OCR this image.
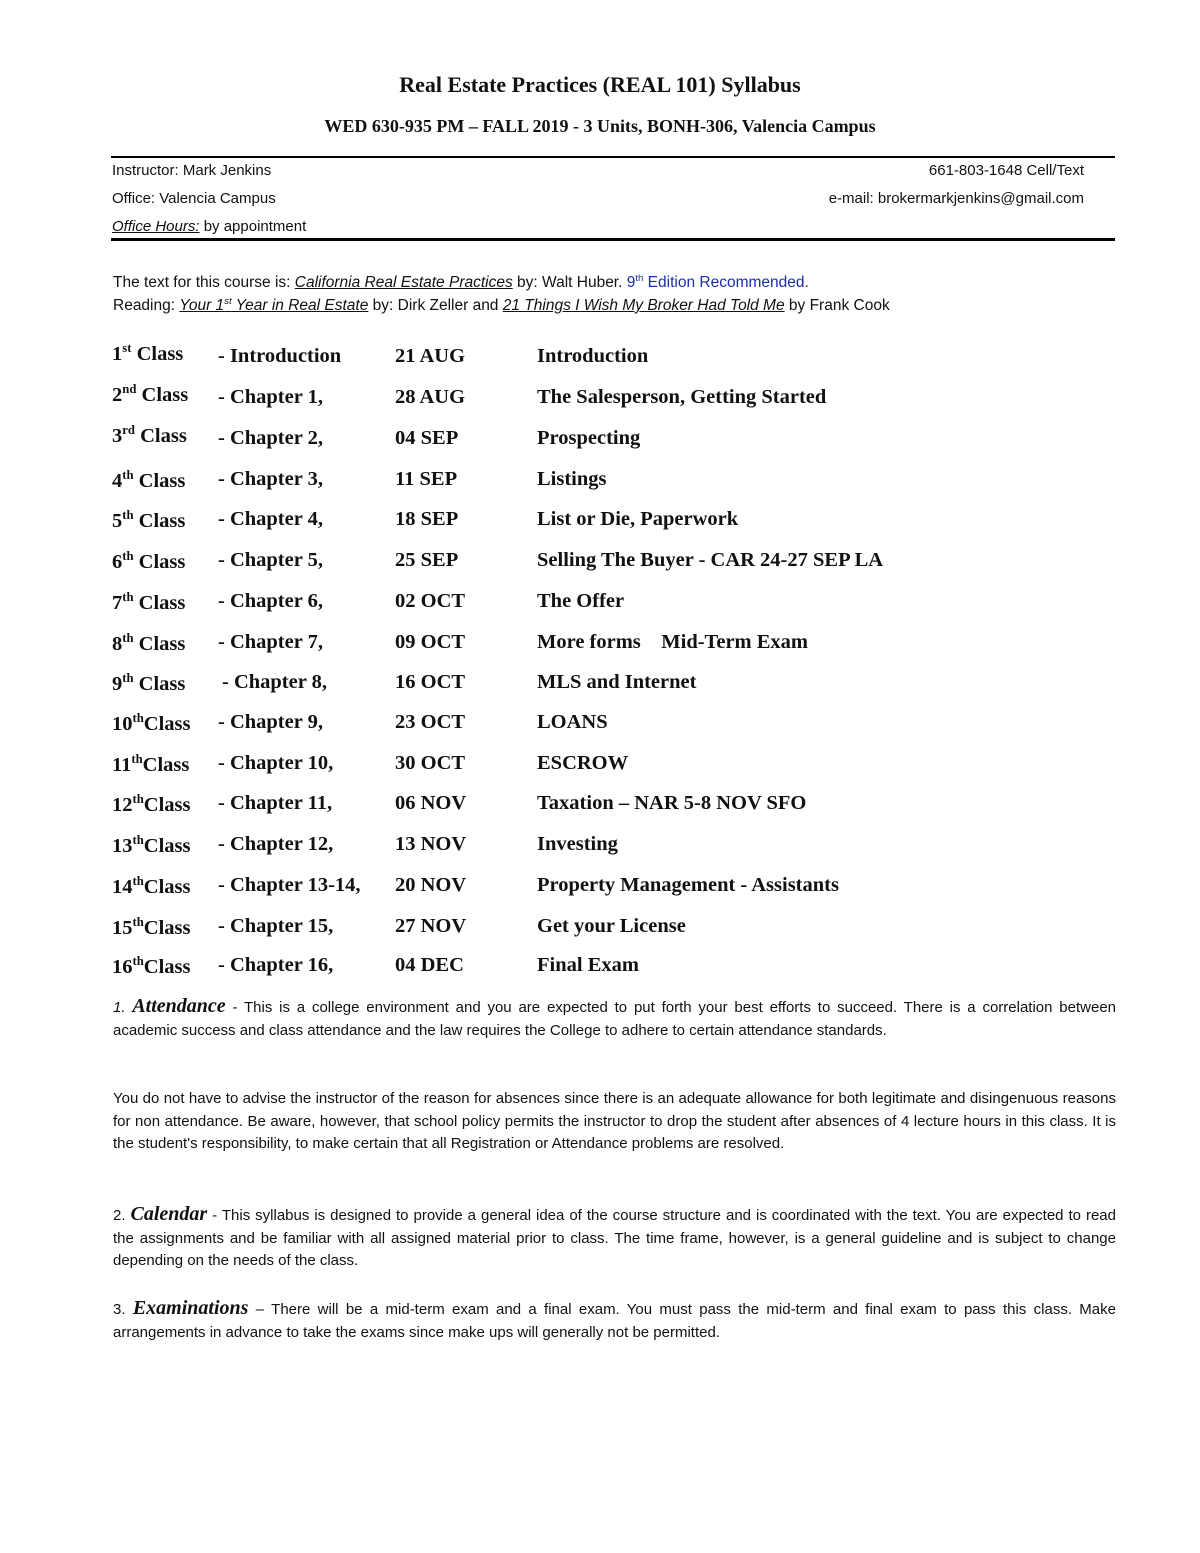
Real Estate Practices (REAL 101) Syllabus
WED 630-935 PM – FALL 2019 - 3 Units, BONH-306, Valencia Campus
Instructor: Mark Jenkins	661-803-1648 Cell/Text
Office: Valencia Campus	e-mail: brokermarkjenkins@gmail.com
Office Hours: by appointment
The text for this course is: California Real Estate Practices by: Walt Huber. 9th Edition Recommended.
Reading: Your 1st Year in Real Estate by: Dirk Zeller and 21 Things I Wish My Broker Had Told Me by Frank Cook
1st Class - Introduction	21 AUG	Introduction
2nd Class - Chapter 1,	28 AUG	The Salesperson, Getting Started
3rd Class - Chapter 2,	04 SEP	Prospecting
4th Class - Chapter 3,	11 SEP	Listings
5th Class - Chapter 4,	18 SEP	List or Die, Paperwork
6th Class - Chapter 5,	25 SEP	Selling The Buyer - CAR 24-27 SEP LA
7th Class - Chapter 6,	02 OCT	The Offer
8th Class - Chapter 7,	09 OCT	More forms    Mid-Term Exam
9th Class - Chapter 8,	16 OCT	MLS and Internet
10thClass - Chapter 9,	23 OCT	LOANS
11thClass - Chapter 10,	30 OCT	ESCROW
12thClass - Chapter 11,	06 NOV	Taxation – NAR 5-8 NOV SFO
13thClass - Chapter 12,	13 NOV	Investing
14thClass - Chapter 13-14, 20 NOV	Property Management - Assistants
15thClass - Chapter 15,	27 NOV	Get your License
16thClass - Chapter 16,	04 DEC	Final Exam
1. Attendance - This is a college environment and you are expected to put forth your best efforts to succeed. There is a correlation between academic success and class attendance and the law requires the College to adhere to certain attendance standards.
You do not have to advise the instructor of the reason for absences since there is an adequate allowance for both legitimate and disingenuous reasons for non attendance. Be aware, however, that school policy permits the instructor to drop the student after absences of 4 lecture hours in this class. It is the student's responsibility, to make certain that all Registration or Attendance problems are resolved.
2. Calendar - This syllabus is designed to provide a general idea of the course structure and is coordinated with the text. You are expected to read the assignments and be familiar with all assigned material prior to class. The time frame, however, is a general guideline and is subject to change depending on the needs of the class.
3. Examinations – There will be a mid-term exam and a final exam. You must pass the mid-term and final exam to pass this class. Make arrangements in advance to take the exams since make ups will generally not be permitted.
